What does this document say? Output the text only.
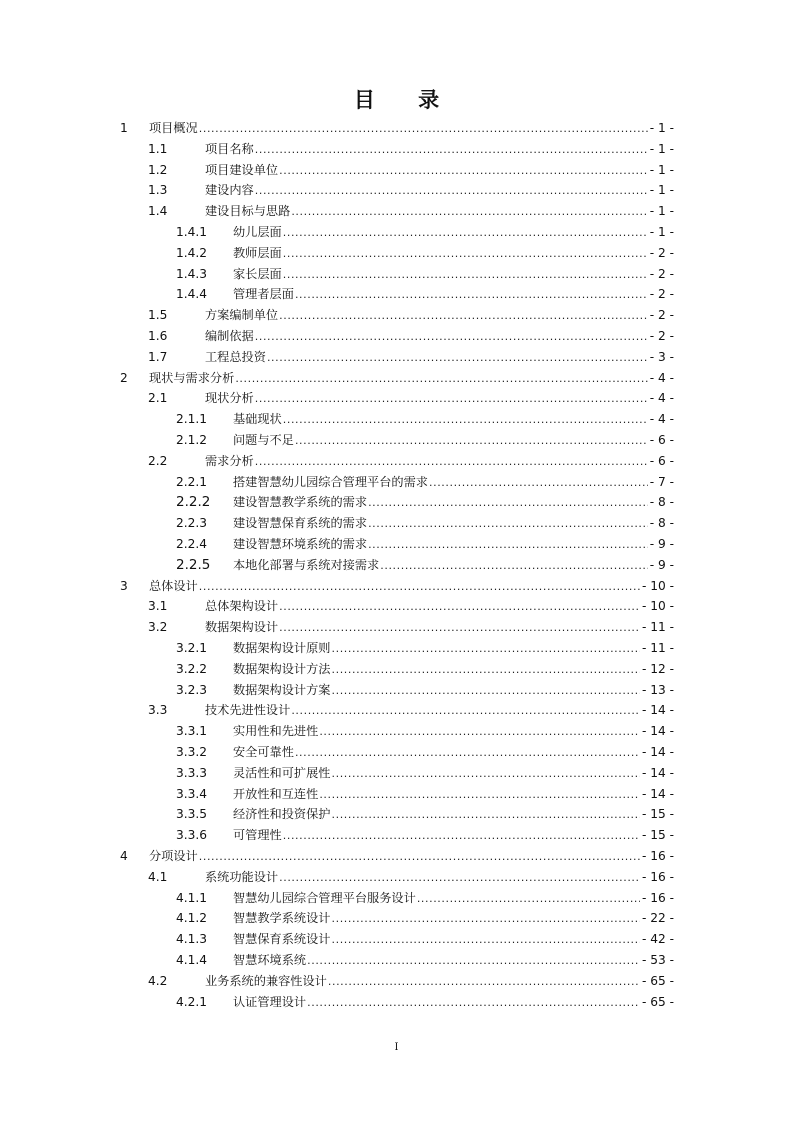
目 录
1 项目概况 .....	- 1 -
1.1	项目名称 .....	- 1 -
1.2	项目建设单位 .....	- 1 -
1.3	建设内容 .....	- 1 -
1.4	建设目标与思路 .....	- 1 -
1.4.1 幼儿层面 .....	- 1 -
1.4.2 教师层面 .....	- 2 -
1.4.3 家长层面 .....	- 2 -
1.4.4 管理者层面 .....	- 2 -
1.5	方案编制单位 .....	- 2 -
1.6	编制依据 .....	- 2 -
1.7	工程总投资 .....	- 3 -
2 现状与需求分析 .....	- 4 -
2.1	现状分析 .....	- 4 -
2.1.1 基础现状 .....	- 4 -
2.1.2 问题与不足 .....	- 6 -
2.2	需求分析 .....	- 6 -
2.2.1 搭建智慧幼儿园综合管理平台的需求 .....	- 7 -
2.2.2 建设智慧教学系统的需求 .....	- 8 -
2.2.3 建设智慧保育系统的需求 .....	- 8 -
2.2.4 建设智慧环境系统的需求 .....	- 9 -
2.2.5 本地化部署与系统对接需求 .....	- 9 -
3 总体设计 .....	- 10 -
3.1	总体架构设计 .....	- 10 -
3.2	数据架构设计 .....	- 11 -
3.2.1 数据架构设计原则 .....	- 11 -
3.2.2 数据架构设计方法 .....	- 12 -
3.2.3 数据架构设计方案 .....	- 13 -
3.3	技术先进性设计 .....	- 14 -
3.3.1 实用性和先进性 .....	- 14 -
3.3.2 安全可靠性 .....	- 14 -
3.3.3 灵活性和可扩展性 .....	- 14 -
3.3.4 开放性和互连性 .....	- 14 -
3.3.5 经济性和投资保护 .....	- 15 -
3.3.6 可管理性 .....	- 15 -
4 分项设计 .....	- 16 -
4.1	系统功能设计 .....	- 16 -
4.1.1 智慧幼儿园综合管理平台服务设计 .....	- 16 -
4.1.2 智慧教学系统设计 .....	- 22 -
4.1.3 智慧保育系统设计 .....	- 42 -
4.1.4 智慧环境系统 .....	- 53 -
4.2	业务系统的兼容性设计 .....	- 65 -
4.2.1 认证管理设计 .....	- 65 -
I
